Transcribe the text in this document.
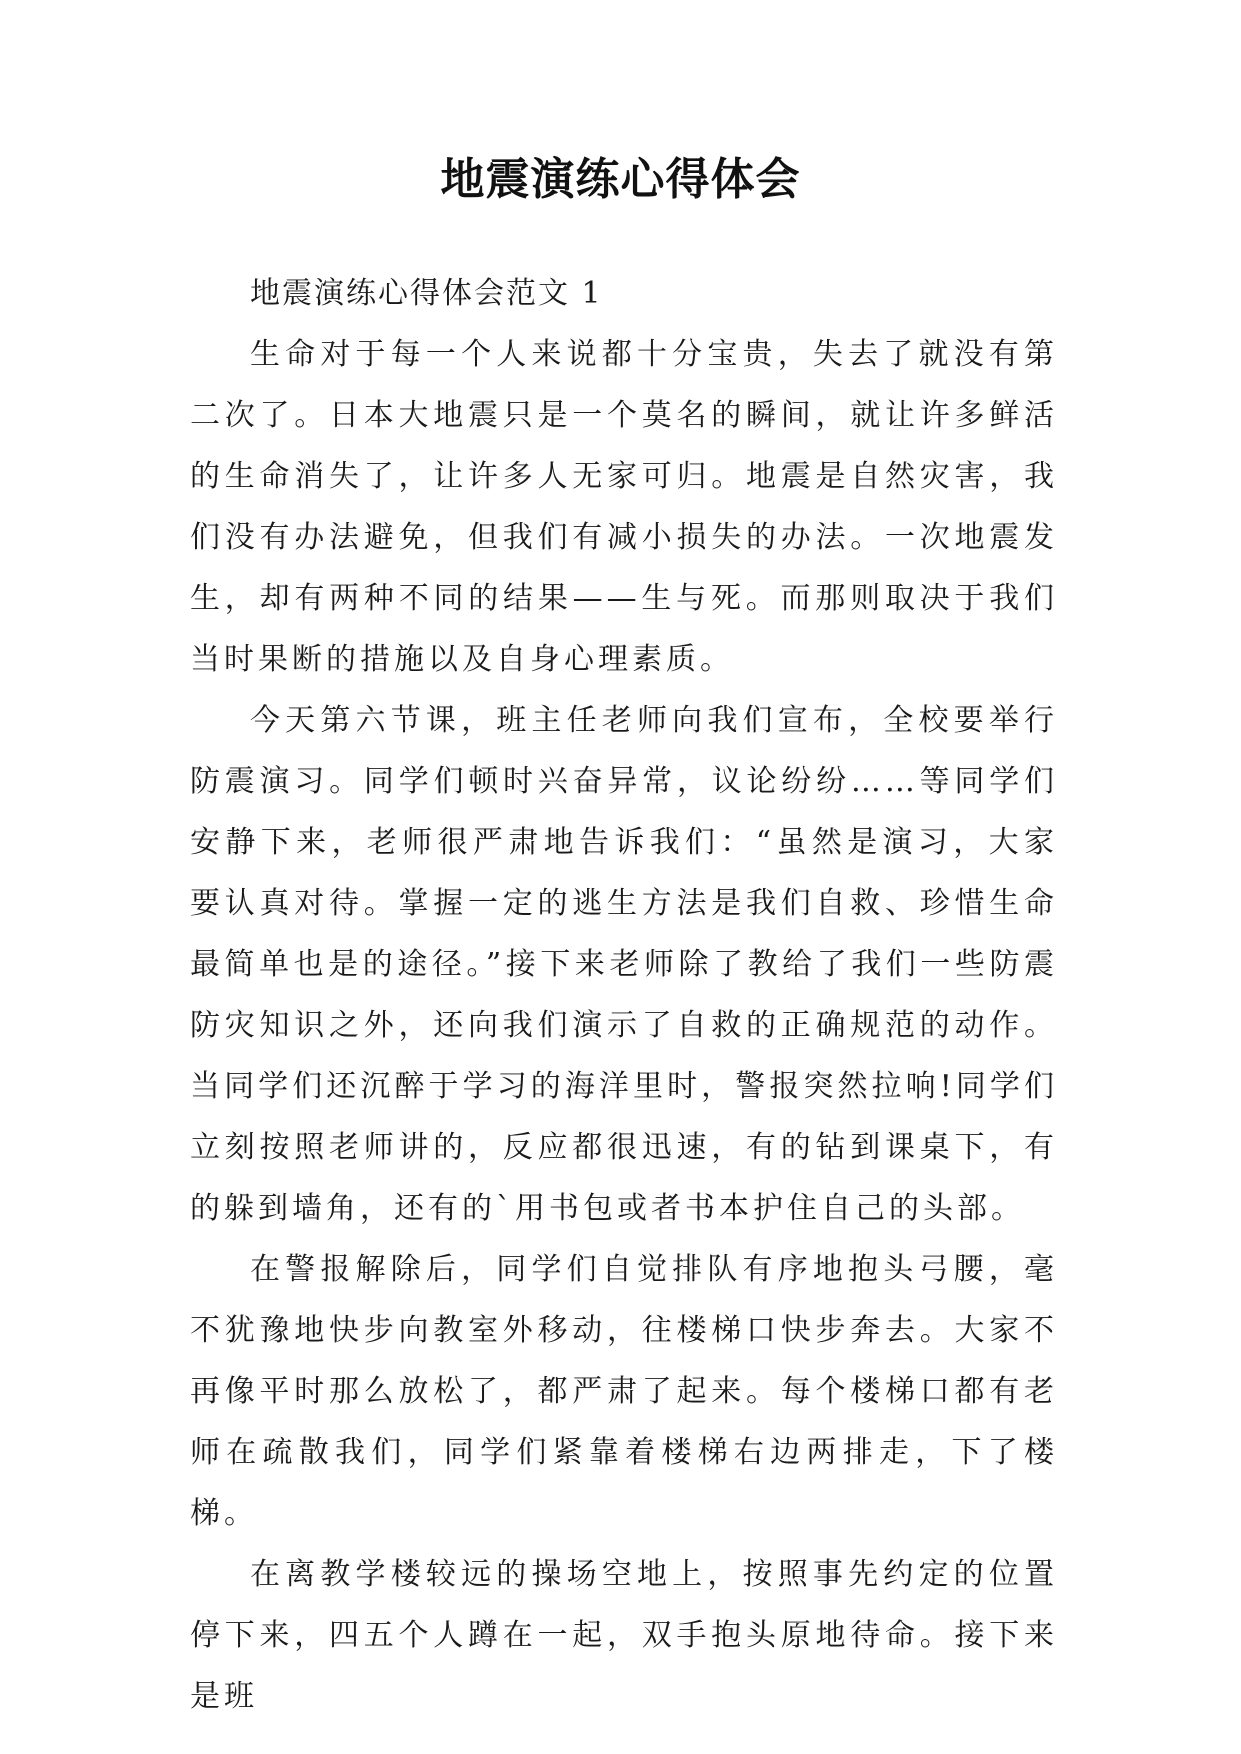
地震演练心得体会

地震演练心得体会范文 1

生命对于每一个人来说都十分宝贵，失去了就没有第二次了。日本大地震只是一个莫名的瞬间，就让许多鲜活的生命消失了，让许多人无家可归。地震是自然灾害，我们没有办法避免，但我们有减小损失的办法。一次地震发生，却有两种不同的结果——生与死。而那则取决于我们当时果断的措施以及自身心理素质。

今天第六节课，班主任老师向我们宣布，全校要举行防震演习。同学们顿时兴奋异常，议论纷纷……等同学们安静下来，老师很严肃地告诉我们：“虽然是演习，大家要认真对待。掌握一定的逃生方法是我们自救、珍惜生命最简单也是的途径。”接下来老师除了教给了我们一些防震防灾知识之外，还向我们演示了自救的正确规范的动作。当同学们还沉醉于学习的海洋里时，警报突然拉响!同学们立刻按照老师讲的，反应都很迅速，有的钻到课桌下，有的躲到墙角，还有的`用书包或者书本护住自己的头部。

在警报解除后，同学们自觉排队有序地抱头弓腰，毫不犹豫地快步向教室外移动，往楼梯口快步奔去。大家不再像平时那么放松了，都严肃了起来。每个楼梯口都有老师在疏散我们，同学们紧靠着楼梯右边两排走，下了楼梯。

在离教学楼较远的操场空地上，按照事先约定的位置停下来，四五个人蹲在一起，双手抱头原地待命。接下来是班
